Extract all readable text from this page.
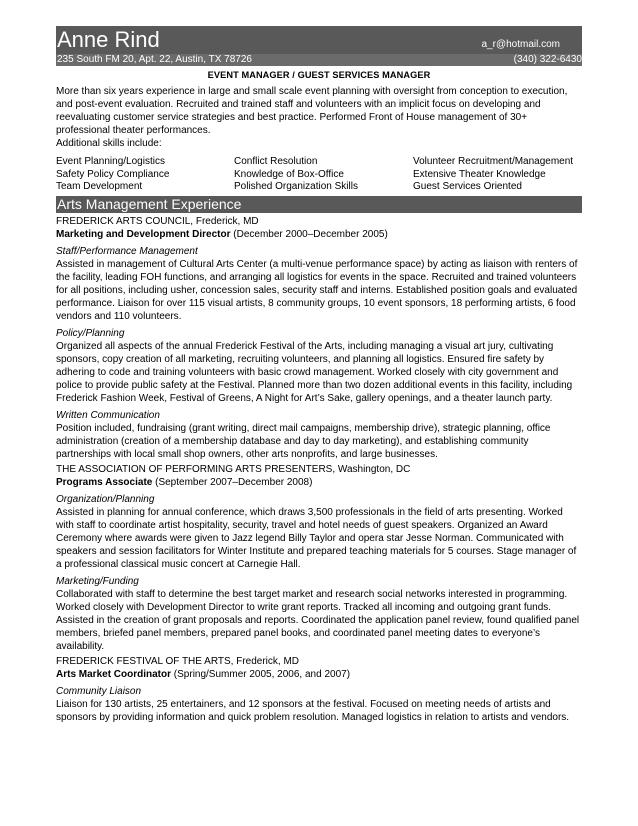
Anne Rind	a_r@hotmail.com
235 South FM 20, Apt. 22, Austin, TX 78726	(340) 322-6430
EVENT MANAGER / GUEST SERVICES MANAGER

More than six years experience in large and small scale event planning with oversight from conception to execution, and post-event evaluation. Recruited and trained staff and volunteers with an implicit focus on developing and reevaluating customer service strategies and best practice. Performed Front of House management of 30+ professional theater performances.
Additional skills include:

Event Planning/Logistics
Safety Policy Compliance
Team Development
Conflict Resolution
Knowledge of Box-Office
Polished Organization Skills
Volunteer Recruitment/Management
Extensive Theater Knowledge
Guest Services Oriented
Arts Management Experience
FREDERICK ARTS COUNCIL, Frederick, MD
Marketing and Development Director (December 2000–December 2005)
Staff/Performance Management

Assisted in management of Cultural Arts Center (a multi-venue performance space) by acting as liaison with renters of the facility, leading FOH functions, and arranging all logistics for events in the space. Recruited and trained volunteers for all positions, including usher, concession sales, security staff and interns. Established position goals and evaluated performance. Liaison for over 115 visual artists, 8 community groups, 10 event sponsors, 18 performing artists, 6 food vendors and 110 volunteers.

Policy/Planning

Organized all aspects of the annual Frederick Festival of the Arts, including managing a visual art jury, cultivating sponsors, copy creation of all marketing, recruiting volunteers, and planning all logistics. Ensured fire safety by adhering to code and training volunteers with basic crowd management. Worked closely with city government and police to provide public safety at the Festival. Planned more than two dozen additional events in this facility, including Frederick Fashion Week, Festival of Greens, A Night for Art’s Sake, gallery openings, and a theater launch party.

Written Communication

Position included, fundraising (grant writing, direct mail campaigns, membership drive), strategic planning, office administration (creation of a membership database and day to day marketing), and establishing community partnerships with local small shop owners, other arts nonprofits, and large businesses.

THE ASSOCIATION OF PERFORMING ARTS PRESENTERS, Washington, DC
Programs Associate (September 2007–December 2008)
Organization/Planning

Assisted in planning for annual conference, which draws 3,500 professionals in the field of arts presenting. Worked with staff to coordinate artist hospitality, security, travel and hotel needs of guest speakers. Organized an Award Ceremony where awards were given to Jazz legend Billy Taylor and opera star Jesse Norman. Communicated with speakers and session facilitators for Winter Institute and prepared teaching materials for 5 courses. Stage manager of a professional classical music concert at Carnegie Hall.

Marketing/Funding

Collaborated with staff to determine the best target market and research social networks interested in programming. Worked closely with Development Director to write grant reports. Tracked all incoming and outgoing grant funds. Assisted in the creation of grant proposals and reports. Coordinated the application panel review, found qualified panel members, briefed panel members, prepared panel books, and coordinated panel meeting dates to everyone’s availability.

FREDERICK FESTIVAL OF THE ARTS, Frederick, MD
Arts Market Coordinator (Spring/Summer 2005, 2006, and 2007)
Community Liaison

Liaison for 130 artists, 25 entertainers, and 12 sponsors at the festival. Focused on meeting needs of artists and sponsors by providing information and quick problem resolution. Managed logistics in relation to artists and vendors.
